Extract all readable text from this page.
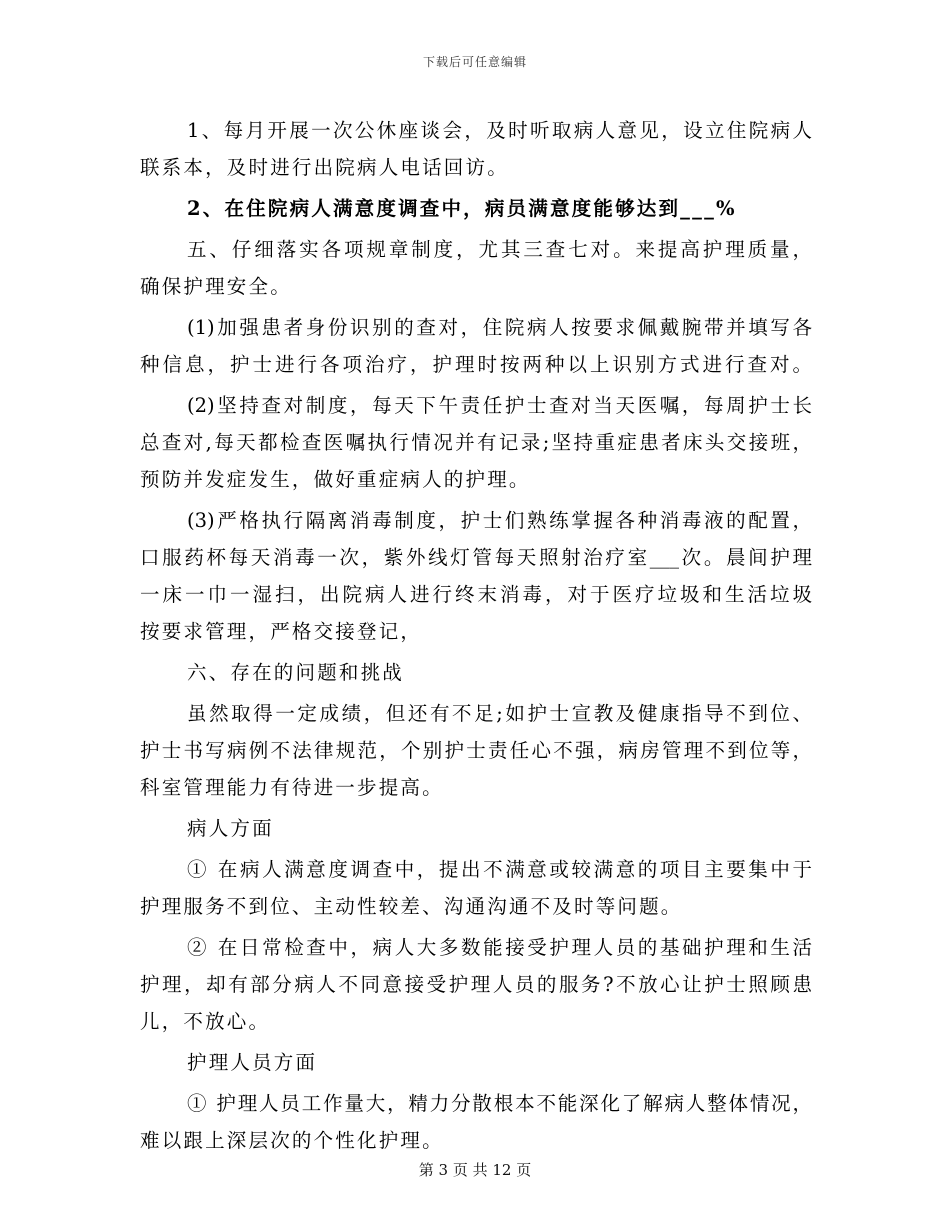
下载后可任意编辑
1、每月开展一次公休座谈会，及时听取病人意见，设立住院病人
联系本，及时进行出院病人电话回访。
2、在住院病人满意度调查中，病员满意度能够达到___%
五、仔细落实各项规章制度，尤其三查七对。来提高护理质量，
确保护理安全。
(1)加强患者身份识别的查对，住院病人按要求佩戴腕带并填写各
种信息，护士进行各项治疗，护理时按两种以上识别方式进行查对。
(2)坚持查对制度，每天下午责任护士查对当天医嘱，每周护士长
总查对,每天都检查医嘱执行情况并有记录;坚持重症患者床头交接班，
预防并发症发生，做好重症病人的护理。
(3)严格执行隔离消毒制度，护士们熟练掌握各种消毒液的配置，
口服药杯每天消毒一次，紫外线灯管每天照射治疗室___次。晨间护理
一床一巾一湿扫，出院病人进行终末消毒，对于医疗垃圾和生活垃圾
按要求管理，严格交接登记，
六、存在的问题和挑战
虽然取得一定成绩，但还有不足;如护士宣教及健康指导不到位、
护士书写病例不法律规范，个别护士责任心不强，病房管理不到位等，
科室管理能力有待进一步提高。
病人方面
① 在病人满意度调查中，提出不满意或较满意的项目主要集中于
护理服务不到位、主动性较差、沟通沟通不及时等问题。
② 在日常检查中，病人大多数能接受护理人员的基础护理和生活
护理，却有部分病人不同意接受护理人员的服务?不放心让护士照顾患
儿，不放心。
护理人员方面
① 护理人员工作量大，精力分散根本不能深化了解病人整体情况，
难以跟上深层次的个性化护理。
第 3 页 共 12 页
